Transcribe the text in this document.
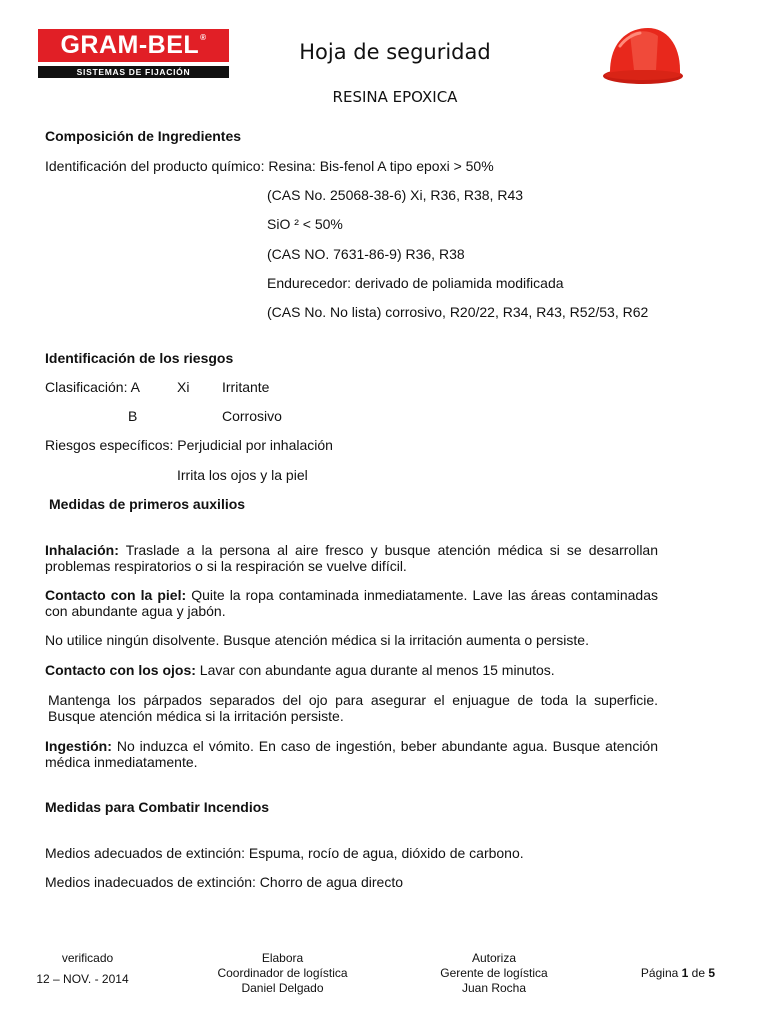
GRAM-BEL®
SISTEMAS DE FIJACIÓN
Hoja de seguridad
RESINA EPOXICA
Composición de Ingredientes
Identificación del producto químico: Resina: Bis-fenol A tipo epoxi > 50%
(CAS No. 25068-38-6) Xi, R36, R38, R43
SiO ² < 50%
(CAS NO. 7631-86-9) R36, R38
Endurecedor: derivado de poliamida modificada
(CAS No. No lista) corrosivo, R20/22, R34, R43, R52/53, R62
Identificación de los riesgos
Clasificación: A	Xi Irritante
B	Corrosivo
Riesgos específicos: Perjudicial por inhalación
Irrita los ojos y la piel
Medidas de primeros auxilios
Inhalación: Traslade a la persona al aire fresco y busque atención médica si se desarrollan problemas respiratorios o si la respiración se vuelve difícil.
Contacto con la piel: Quite la ropa contaminada inmediatamente. Lave las áreas contaminadas con abundante agua y jabón.
No utilice ningún disolvente. Busque atención médica si la irritación aumenta o persiste.
Contacto con los ojos: Lavar con abundante agua durante al menos 15 minutos.
Mantenga los párpados separados del ojo para asegurar el enjuague de toda la superficie. Busque atención médica si la irritación persiste.
Ingestión: No induzca el vómito. En caso de ingestión, beber abundante agua. Busque atención médica inmediatamente.
Medidas para Combatir Incendios
Medios adecuados de extinción: Espuma, rocío de agua, dióxido de carbono.
Medios inadecuados de extinción: Chorro de agua directo
verificado
12 – NOV. - 2014
Elabora
Coordinador de logística
Daniel Delgado
Autoriza
Gerente de logística
Juan Rocha
Página 1 de 5
